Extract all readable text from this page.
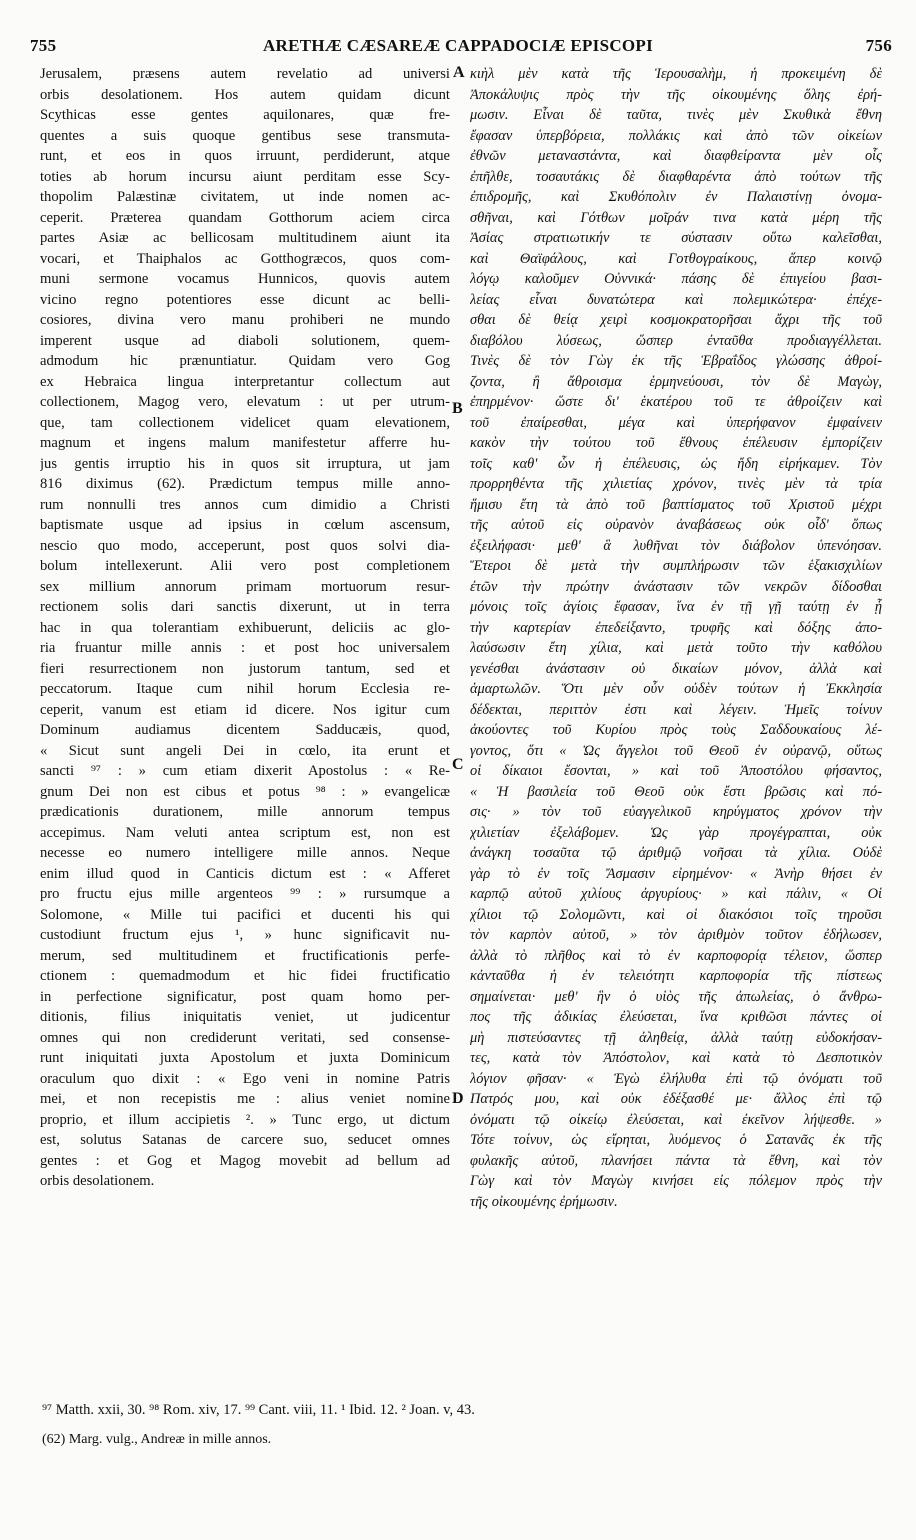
755	ARETHÆ CÆSAREÆ CAPPADOCIÆ EPISCOPI	756
Jerusalem, præsens autem revelatio ad universi
orbis desolationem. Hos autem quidam dicunt
Scythicas esse gentes aquilonares, quæ fre-
quentes a suis quoque gentibus sese transmuta-
runt, et eos in quos irruunt, perdiderunt, atque
toties ab horum incursu aiunt perditam esse Scy-
thopolim Palæstinæ civitatem, ut inde nomen ac-
ceperit. Præterea quandam Gotthorum aciem circa
partes Asiæ ac bellicosam multitudinem aiunt ita
vocari, et Thaiphalos ac Gotthogræcos, quos com-
muni sermone vocamus Hunnicos, quovis autem
vicino regno potentiores esse dicunt ac belli-
cosiores, divina vero manu prohiberi ne mundo
imperent usque ad diaboli solutionem, quem-
admodum hic prænuntiatur. Quidam vero Gog
ex Hebraica lingua interpretantur collectum aut
collectionem, Magog vero, elevatum : ut per utrum-
que, tam collectionem videlicet quam elevationem,
magnum et ingens malum manifestetur afferre hu-
jus gentis irruptio his in quos sit irruptura, ut jam
816 diximus (62). Prædictum tempus mille anno-
rum nonnulli tres annos cum dimidio a Christi
baptismate usque ad ipsius in cœlum ascensum,
nescio quo modo, acceperunt, post quos solvi dia-
bolum intellexerunt. Alii vero post completionem
sex millium annorum primam mortuorum resur-
rectionem solis dari sanctis dixerunt, ut in terra
hac in qua tolerantiam exhibuerunt, deliciis ac glo-
ria fruantur mille annis : et post hoc universalem
fieri resurrectionem non justorum tantum, sed et
peccatorum. Itaque cum nihil horum Ecclesia re-
ceperit, vanum est etiam id dicere. Nos igitur cum
Dominum audiamus dicentem Sadducæis, quod,
« Sicut sunt angeli Dei in cœlo, ita erunt et
sancti ⁹⁷ : » cum etiam dixerit Apostolus : « Re-
gnum Dei non est cibus et potus ⁹⁸ : » evangelicæ
prædicationis durationem, mille annorum tempus
accepimus. Nam veluti antea scriptum est, non est
necesse eo numero intelligere mille annos. Neque
enim illud quod in Canticis dictum est : « Afferet
pro fructu ejus mille argenteos ⁹⁹ : » rursumque a
Solomone, « Mille tui pacifici et ducenti his qui
custodiunt fructum ejus ¹, » hunc significavit nu-
merum, sed multitudinem et fructificationis perfe-
ctionem : quemadmodum et hic fidei fructificatio
in perfectione significatur, post quam homo per-
ditionis, filius iniquitatis veniet, ut judicentur
omnes qui non crediderunt veritati, sed consense-
runt iniquitati juxta Apostolum et juxta Dominicum
oraculum quo dixit : « Ego veni in nomine Patris
mei, et non recepistis me : alius veniet nomine
proprio, et illum accipietis ². » Tunc ergo, ut dictum
est, solutus Satanas de carcere suo, seducet omnes
gentes : et Gog et Magog movebit ad bellum ad
orbis desolationem.
κιὴλ μὲν κατὰ τῆς Ἱερουσαλὴμ, ἡ προκειμένη δὲ
Ἀποκάλυψις πρὸς τὴν τῆς οἰκουμένης ὅλης ἐρή-
μωσιν. Εἶναι δὲ ταῦτα, τινὲς μὲν Σκυθικὰ ἔθνη
ἔφασαν ὑπερβόρεια, πολλάκις καὶ ἀπὸ τῶν οἰκείων
ἐθνῶν μεταναστάντα, καὶ διαφθείραντα μὲν οἷς
ἐπῆλθε, τοσαυτάκις δὲ διαφθαρέντα ἀπὸ τούτων τῆς
ἐπιδρομῆς, καὶ Σκυθόπολιν ἐν Παλαιστίνῃ ὀνομα-
σθῆναι, καὶ Γότθων μοῖράν τινα κατὰ μέρη τῆς
Ἀσίας στρατιωτικήν τε σύστασιν οὕτω καλεῖσθαι,
καὶ Θαϊφάλους, καὶ Γοτθογραίκους, ἅπερ κοινῷ
λόγῳ καλοῦμεν Οὐννικά· πάσης δὲ ἐπιγείου βασι-
λείας εἶναι δυνατώτερα καὶ πολεμικώτερα· ἐπέχε-
σθαι δὲ θείᾳ χειρὶ κοσμοκρατορῆσαι ἄχρι τῆς τοῦ
διαβόλου λύσεως, ὥσπερ ἐνταῦθα προδιαγγέλλεται.
Τινὲς δὲ τὸν Γὼγ ἐκ τῆς Ἑβραΐδος γλώσσης ἀθροί-
ζοντα, ἢ ἄθροισμα ἑρμηνεύουσι, τὸν δὲ Μαγὼγ,
ἐπηρμένον· ὥστε δι' ἑκατέρου τοῦ τε ἀθροίζειν καὶ
τοῦ ἐπαίρεσθαι, μέγα καὶ ὑπερήφανον ἐμφαίνειν
κακὸν τὴν τούτου τοῦ ἔθνους ἐπέλευσιν ἐμπορίζειν
τοῖς καθ' ὧν ἡ ἐπέλευσις, ὡς ἤδη εἰρήκαμεν. Τὸν
προρρηθέντα τῆς χιλιετίας χρόνον, τινὲς μὲν τὰ τρία
ἥμισυ ἔτη τὰ ἀπὸ τοῦ βαπτίσματος τοῦ Χριστοῦ μέχρι
τῆς αὐτοῦ εἰς οὐρανὸν ἀναβάσεως οὐκ οἶδ' ὅπως
ἐξειλήφασι· μεθ' ἃ λυθῆναι τὸν διάβολον ὑπενόησαν.
Ἕτεροι δὲ μετὰ τὴν συμπλήρωσιν τῶν ἑξακισχιλίων
ἐτῶν τὴν πρώτην ἀνάστασιν τῶν νεκρῶν δίδοσθαι
μόνοις τοῖς ἁγίοις ἔφασαν, ἵνα ἐν τῇ γῇ ταύτῃ ἐν ᾗ
τὴν καρτερίαν ἐπεδείξαντο, τρυφῆς καὶ δόξης ἀπο-
λαύσωσιν ἔτη χίλια, καὶ μετὰ τοῦτο τὴν καθόλου
γενέσθαι ἀνάστασιν οὐ δικαίων μόνον, ἀλλὰ καὶ
ἁμαρτωλῶν. Ὅτι μὲν οὖν οὐδὲν τούτων ἡ Ἐκκλησία
δέδεκται, περιττὸν ἐστι καὶ λέγειν. Ἡμεῖς τοίνυν
ἀκούοντες τοῦ Κυρίου πρὸς τοὺς Σαδδουκαίους λέ-
γοντος, ὅτι « Ὡς ἄγγελοι τοῦ Θεοῦ ἐν οὐρανῷ, οὕτως
οἱ δίκαιοι ἔσονται, » καὶ τοῦ Ἀποστόλου φήσαντος,
« Ἡ βασιλεία τοῦ Θεοῦ οὐκ ἔστι βρῶσις καὶ πό-
σις· » τὸν τοῦ εὐαγγελικοῦ κηρύγματος χρόνον τὴν
χιλιετίαν ἐξελάβομεν. Ὡς γὰρ προγέγραπται, οὐκ
ἀνάγκη τοσαῦτα τῷ ἀριθμῷ νοῆσαι τὰ χίλια. Οὐδὲ
γὰρ τὸ ἐν τοῖς Ἄσμασιν εἰρημένον· « Ἀνὴρ θήσει ἐν
καρπῷ αὐτοῦ χιλίους ἀργυρίους· » καὶ πάλιν, « Οἱ
χίλιοι τῷ Σολομῶντι, καὶ οἱ διακόσιοι τοῖς τηροῦσι
τὸν καρπὸν αὐτοῦ, » τὸν ἀριθμὸν τοῦτον ἐδήλωσεν,
ἀλλὰ τὸ πλῆθος καὶ τὸ ἐν καρποφορίᾳ τέλειον, ὥσπερ
κἀνταῦθα ἡ ἐν τελειότητι καρποφορία τῆς πίστεως
σημαίνεται· μεθ' ἣν ὁ υἱὸς τῆς ἀπωλείας, ὁ ἄνθρω-
πος τῆς ἀδικίας ἐλεύσεται, ἵνα κριθῶσι πάντες οἱ
μὴ πιστεύσαντες τῇ ἀληθείᾳ, ἀλλὰ ταύτῃ εὐδοκήσαν-
τες, κατὰ τὸν Ἀπόστολον, καὶ κατὰ τὸ Δεσποτικὸν
λόγιον φῆσαν· « Ἐγὼ ἐλήλυθα ἐπὶ τῷ ὀνόματι τοῦ
Πατρός μου, καὶ οὐκ ἐδέξασθέ με· ἄλλος ἐπὶ τῷ
ὀνόματι τῷ οἰκείῳ ἐλεύσεται, καὶ ἐκεῖνον λήψεσθε. »
Τότε τοίνυν, ὡς εἴρηται, λυόμενος ὁ Σατανᾶς ἐκ τῆς
φυλακῆς αὐτοῦ, πλανήσει πάντα τὰ ἔθνη, καὶ τὸν
Γὼγ καὶ τὸν Μαγὼγ κινήσει εἰς πόλεμον πρὸς τὴν
τῆς οἰκουμένης ἐρήμωσιν.
A
B
C
D
⁹⁷ Matth. xxii, 30. ⁹⁸ Rom. xiv, 17. ⁹⁹ Cant. viii, 11. ¹ Ibid. 12. ² Joan. v, 43.
(62) Marg. vulg., Andreæ in mille annos.
